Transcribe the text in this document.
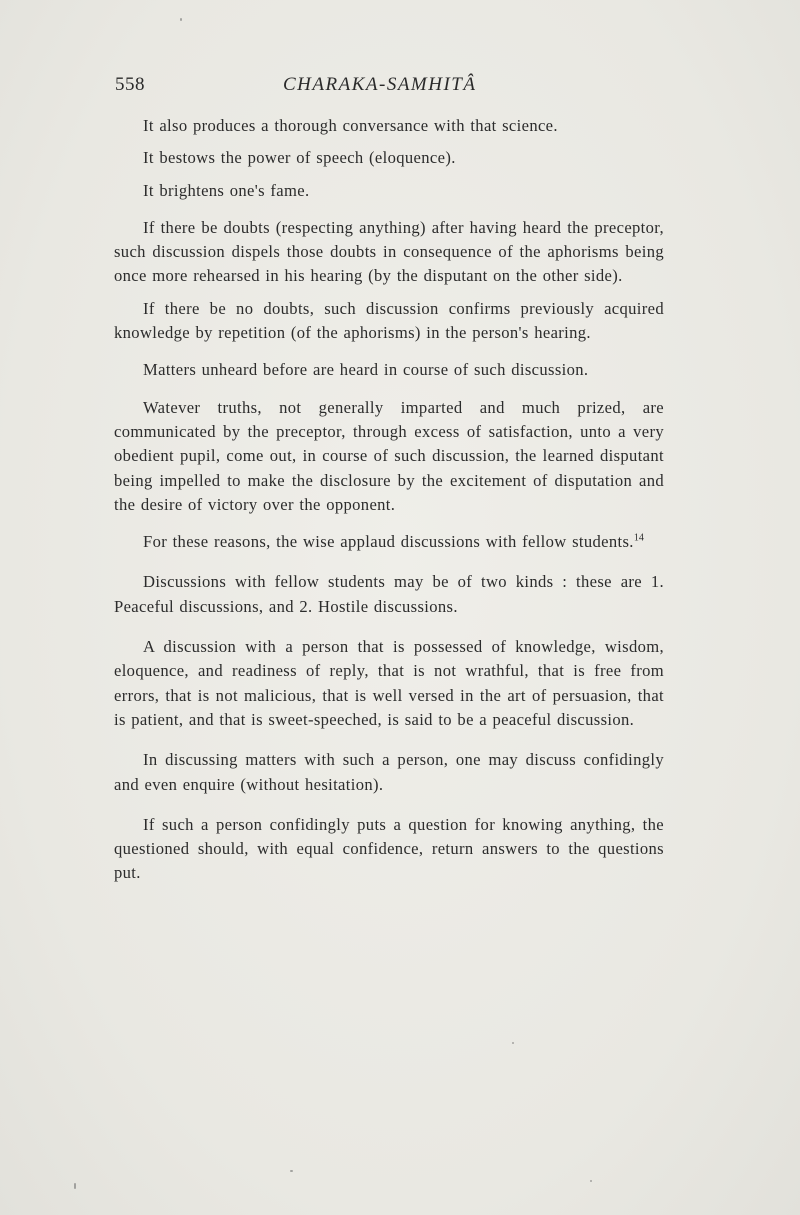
558	CHARAKA-SAMHITÂ

It also produces a thorough conversance with that science.

It bestows the power of speech (eloquence).

It brightens one's fame.

If there be doubts (respecting anything) after having heard the preceptor, such discussion dispels those doubts in consequence of the aphorisms being once more rehearsed in his hearing (by the disputant on the other side).

If there be no doubts, such discussion confirms previously acquired knowledge by repetition (of the aphorisms) in the person's hearing.

Matters unheard before are heard in course of such discussion.

Watever truths, not generally imparted and much prized, are communicated by the preceptor, through excess of satisfaction, unto a very obedient pupil, come out, in course of such discussion, the learned disputant being impelled to make the disclosure by the excitement of disputation and the desire of victory over the opponent.

For these reasons, the wise applaud discussions with fellow students.$^{14}$

Discussions with fellow students may be of two kinds : these are 1. Peaceful discussions, and 2. Hostile discussions.

A discussion with a person that is possessed of knowledge, wisdom, eloquence, and readiness of reply, that is not wrathful, that is free from errors, that is not malicious, that is well versed in the art of persuasion, that is patient, and that is sweet-speeched, is said to be a peaceful discussion.

In discussing matters with such a person, one may discuss confidingly and even enquire (without hesitation).

If such a person confidingly puts a question for knowing anything, the questioned should, with equal confidence, return answers to the questions put.
